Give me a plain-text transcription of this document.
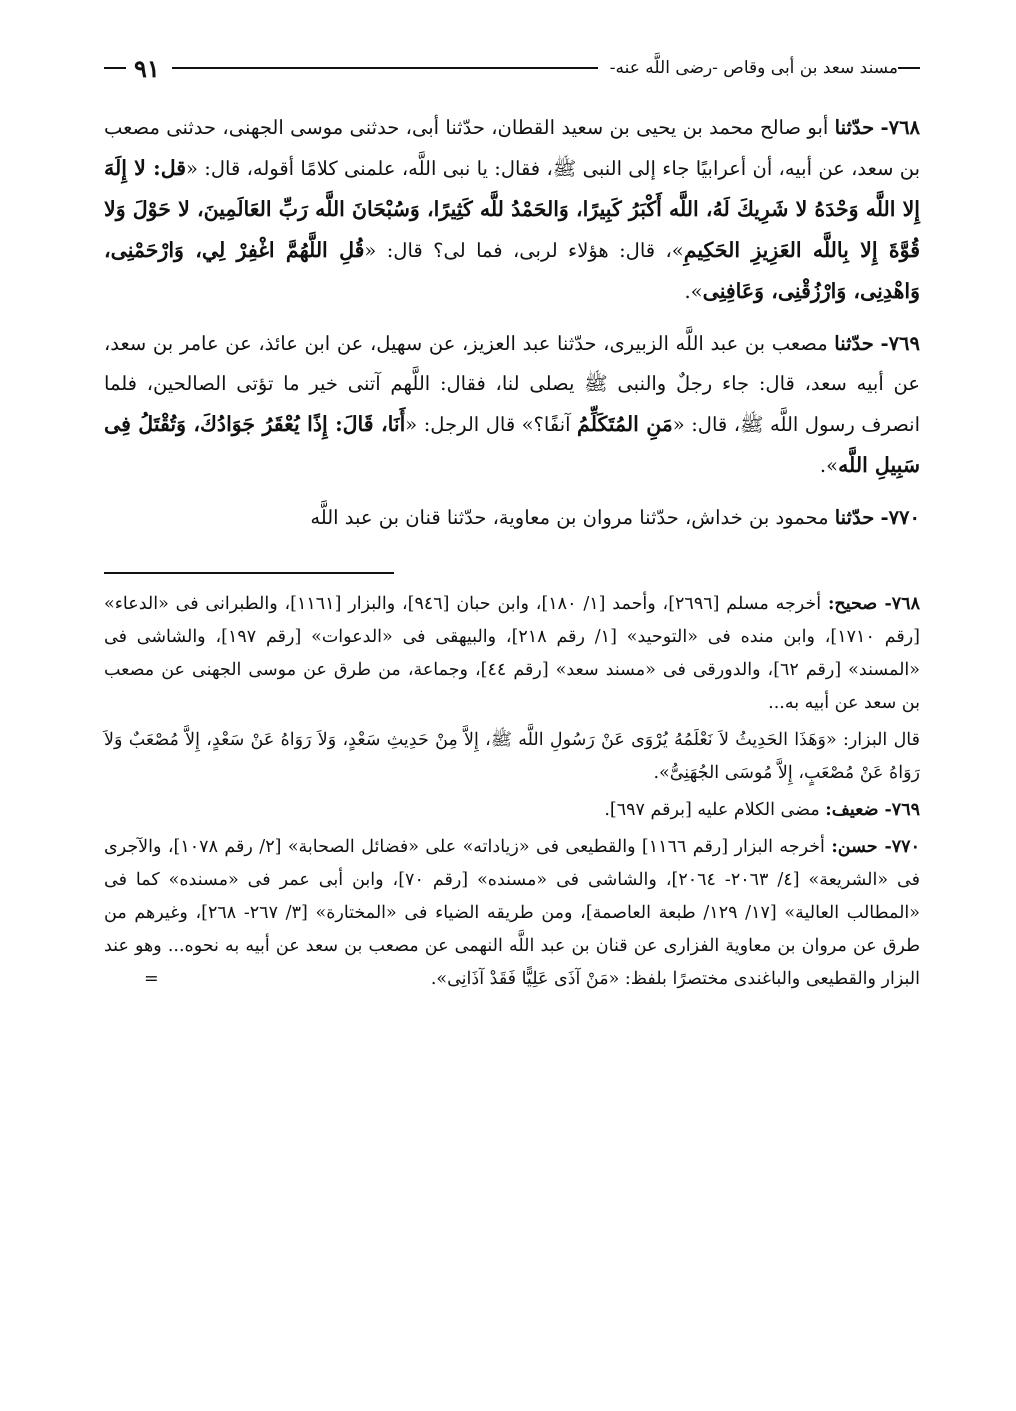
مسند سعد بن أبى وقاص -رضى اللَّه عنه-
٩١

٧٦٨- حدّثنا أبو صالح محمد بن يحيى بن سعيد القطان، حدّثنا أبى، حدثنى موسى الجهنى، حدثنى مصعب بن سعد، عن أبيه، أن أعرابيًا جاء إلى النبى ﷺ، فقال: يا نبى اللَّه، علمنى كلامًا أقوله، قال: «قل: لا إِلَهَ إِلا اللَّه وَحْدَهُ لا شَرِيكَ لَهُ، اللَّه أَكْبَرُ كَبِيرًا، وَالحَمْدُ للَّه كَثِيرًا، وَسُبْحَانَ اللَّه رَبِّ العَالَمِينَ، لا حَوْلَ وَلا قُوَّةَ إِلا بِاللَّه العَزِيزِ الحَكِيمِ»، قال: هؤلاء لربى، فما لى؟ قال: «قُلِ اللَّهُمَّ اغْفِرْ لِي، وَارْحَمْنِى، وَاهْدِنِى، وَارْزُقْنِى، وَعَافِنِى».

٧٦٩- حدّثنا مصعب بن عبد اللَّه الزبيرى، حدّثنا عبد العزيز، عن سهيل، عن ابن عائذ، عن عامر بن سعد، عن أبيه سعد، قال: جاء رجلٌ والنبى ﷺ يصلى لنا، فقال: اللَّهم آتنى خير ما تؤتى الصالحين، فلما انصرف رسول اللَّه ﷺ، قال: «مَنِ المُتَكَلِّمُ آنفًا؟» قال الرجل: «أَنَا، قَالَ: إِذًا يُعْقَرُ جَوَادُكَ، وَتُقْتَلُ فِى سَبِيلِ اللَّه».

٧٧٠- حدّثنا محمود بن خداش، حدّثنا مروان بن معاوية، حدّثنا قنان بن عبد اللَّه

٧٦٨- صحيح: أخرجه مسلم [٢٦٩٦]، وأحمد [١/ ١٨٠]، وابن حبان [٩٤٦]، والبزار [١١٦١]، والطبرانى فى «الدعاء» [رقم ١٧١٠]، وابن منده فى «التوحيد» [١/ رقم ٢١٨]، والبيهقى فى «الدعوات» [رقم ١٩٧]، والشاشى فى «المسند» [رقم ٦٢]، والدورقى فى «مسند سعد» [رقم ٤٤]، وجماعة، من طرق عن موسى الجهنى عن مصعب بن سعد عن أبيه به...

قال البزار: «وَهَذَا الحَدِيثُ لاَ نَعْلَمُهُ يُرْوَى عَنْ رَسُولِ اللَّه ﷺ، إِلاَّ مِنْ حَدِيثِ سَعْدٍ، وَلاَ رَوَاهُ عَنْ سَعْدٍ، إِلاَّ مُصْعَبٌ وَلاَ رَوَاهُ عَنْ مُصْعَبٍ، إِلاَّ مُوسَى الجُهَنِىُّ».

٧٦٩- ضعيف: مضى الكلام عليه [برقم ٦٩٧].

٧٧٠- حسن: أخرجه البزار [رقم ١١٦٦] والقطيعى فى «زياداته» على «فضائل الصحابة» [٢/ رقم ١٠٧٨]، والآجرى فى «الشريعة» [٤/ ٢٠٦٣- ٢٠٦٤]، والشاشى فى «مسنده» [رقم ٧٠]، وابن أبى عمر فى «مسنده» كما فى «المطالب العالية» [١٧/ ١٢٩/ طبعة العاصمة]، ومن طريقه الضياء فى «المختارة» [٣/ ٢٦٧- ٢٦٨]، وغيرهم من طرق عن مروان بن معاوية الفزارى عن قنان بن عبد اللَّه النهمى عن مصعب بن سعد عن أبيه به نحوه... وهو عند البزار والقطيعى والباغندى مختصرًا بلفظ: «مَنْ آذَى عَلِيًّا فَقَدْ آذَانِى».
=
